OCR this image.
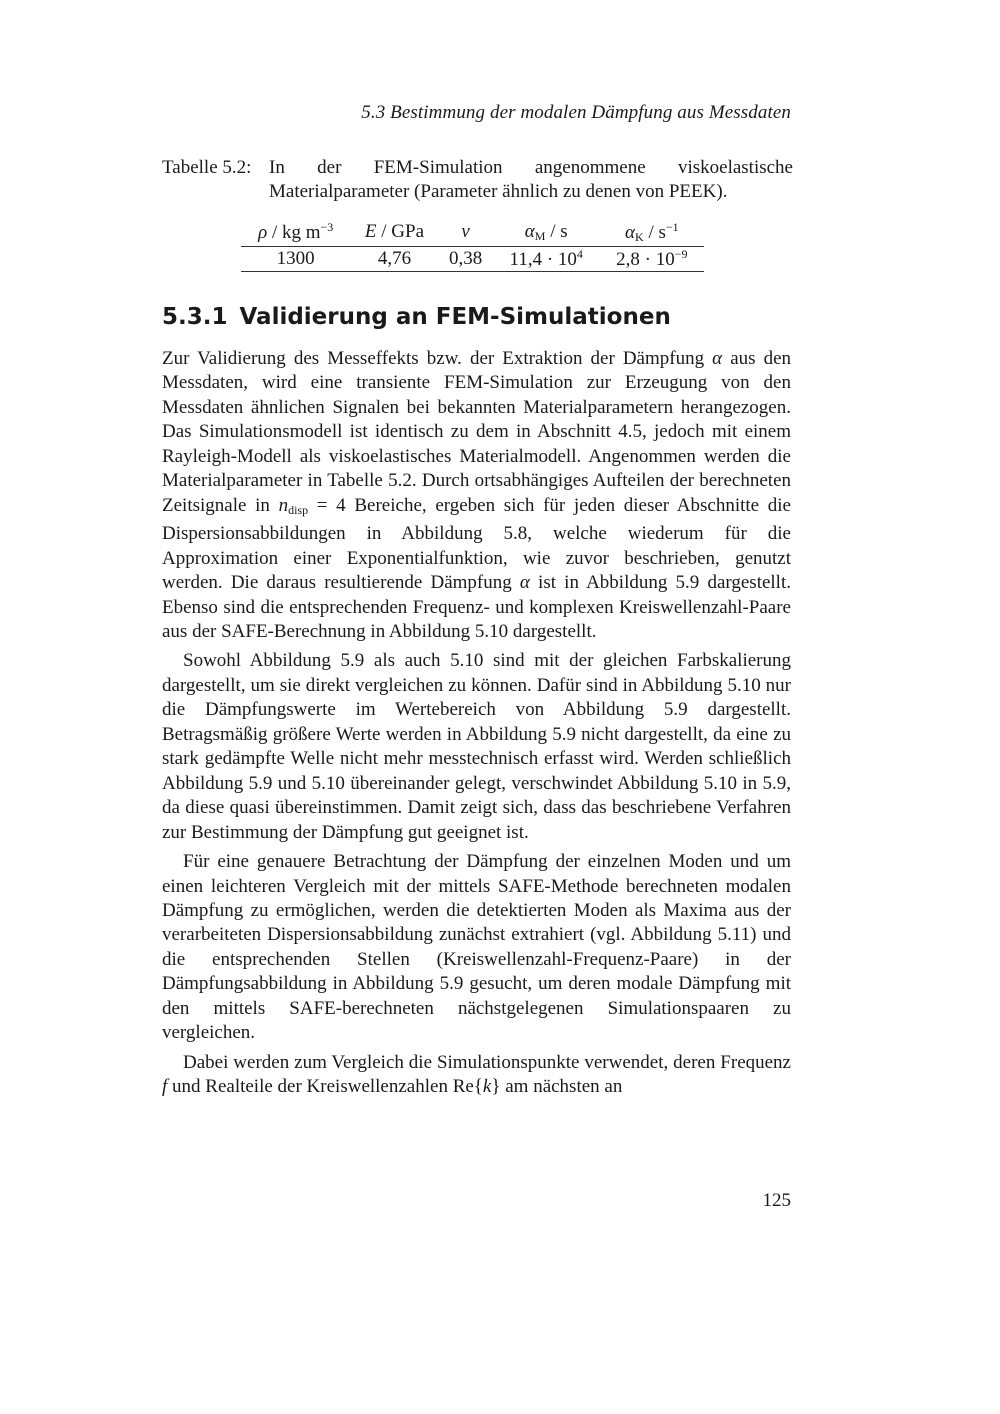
5.3 Bestimmung der modalen Dämpfung aus Messdaten
Tabelle 5.2: In der FEM-Simulation angenommene viskoelastische Materialparameter (Parameter ähnlich zu denen von PEEK).
ρ / kg $m^{-3}$	E / GPa	ν	$\alpha_M$ / s	$\alpha_K / s^{-1}$
1300	4,76	0,38	$11,4 \cdot 10^4$	$2,8 \cdot 10^{-9}$
5.3.1 Validierung an FEM-Simulationen

Zur Validierung des Messeffekts bzw. der Extraktion der Dämpfung α aus den Messdaten, wird eine transiente FEM-Simulation zur Erzeugung von den Messdaten ähnlichen Signalen bei bekannten Materialparametern herangezogen. Das Simulationsmodell ist identisch zu dem in Abschnitt 4.5, jedoch mit einem Rayleigh-Modell als viskoelastisches Materialmodell. Angenommen werden die Materialparameter in Tabelle 5.2. Durch ortsabhängiges Aufteilen der berechneten Zeitsignale in $n_{disp} = 4$ Bereiche, ergeben sich für jeden dieser Abschnitte die Dispersionsabbildungen in Abbildung 5.8, welche wiederum für die Approximation einer Exponentialfunktion, wie zuvor beschrieben, genutzt werden. Die daraus resultierende Dämpfung α ist in Abbildung 5.9 dargestellt. Ebenso sind die entsprechenden Frequenz- und komplexen Kreiswellenzahl-Paare aus der SAFE-Berechnung in Abbildung 5.10 dargestellt.

Sowohl Abbildung 5.9 als auch 5.10 sind mit der gleichen Farbskalierung dargestellt, um sie direkt vergleichen zu können. Dafür sind in Abbildung 5.10 nur die Dämpfungswerte im Wertebereich von Abbildung 5.9 dargestellt. Betragsmäßig größere Werte werden in Abbildung 5.9 nicht dargestellt, da eine zu stark gedämpfte Welle nicht mehr messtechnisch erfasst wird. Werden schließlich Abbildung 5.9 und 5.10 übereinander gelegt, verschwindet Abbildung 5.10 in 5.9, da diese quasi übereinstimmen. Damit zeigt sich, dass das beschriebene Verfahren zur Bestimmung der Dämpfung gut geeignet ist.

Für eine genauere Betrachtung der Dämpfung der einzelnen Moden und um einen leichteren Vergleich mit der mittels SAFE-Methode berechneten modalen Dämpfung zu ermöglichen, werden die detektierten Moden als Maxima aus der verarbeiteten Dispersionsabbildung zunächst extrahiert (vgl. Abbildung 5.11) und die entsprechenden Stellen (Kreiswellenzahl-Frequenz-Paare) in der Dämpfungsabbildung in Abbildung 5.9 gesucht, um deren modale Dämpfung mit den mittels SAFE-berechneten nächstgelegenen Simulationspaaren zu vergleichen.

Dabei werden zum Vergleich die Simulationspunkte verwendet, deren Frequenz f und Realteile der Kreiswellenzahlen Re{k} am nächsten an

125
